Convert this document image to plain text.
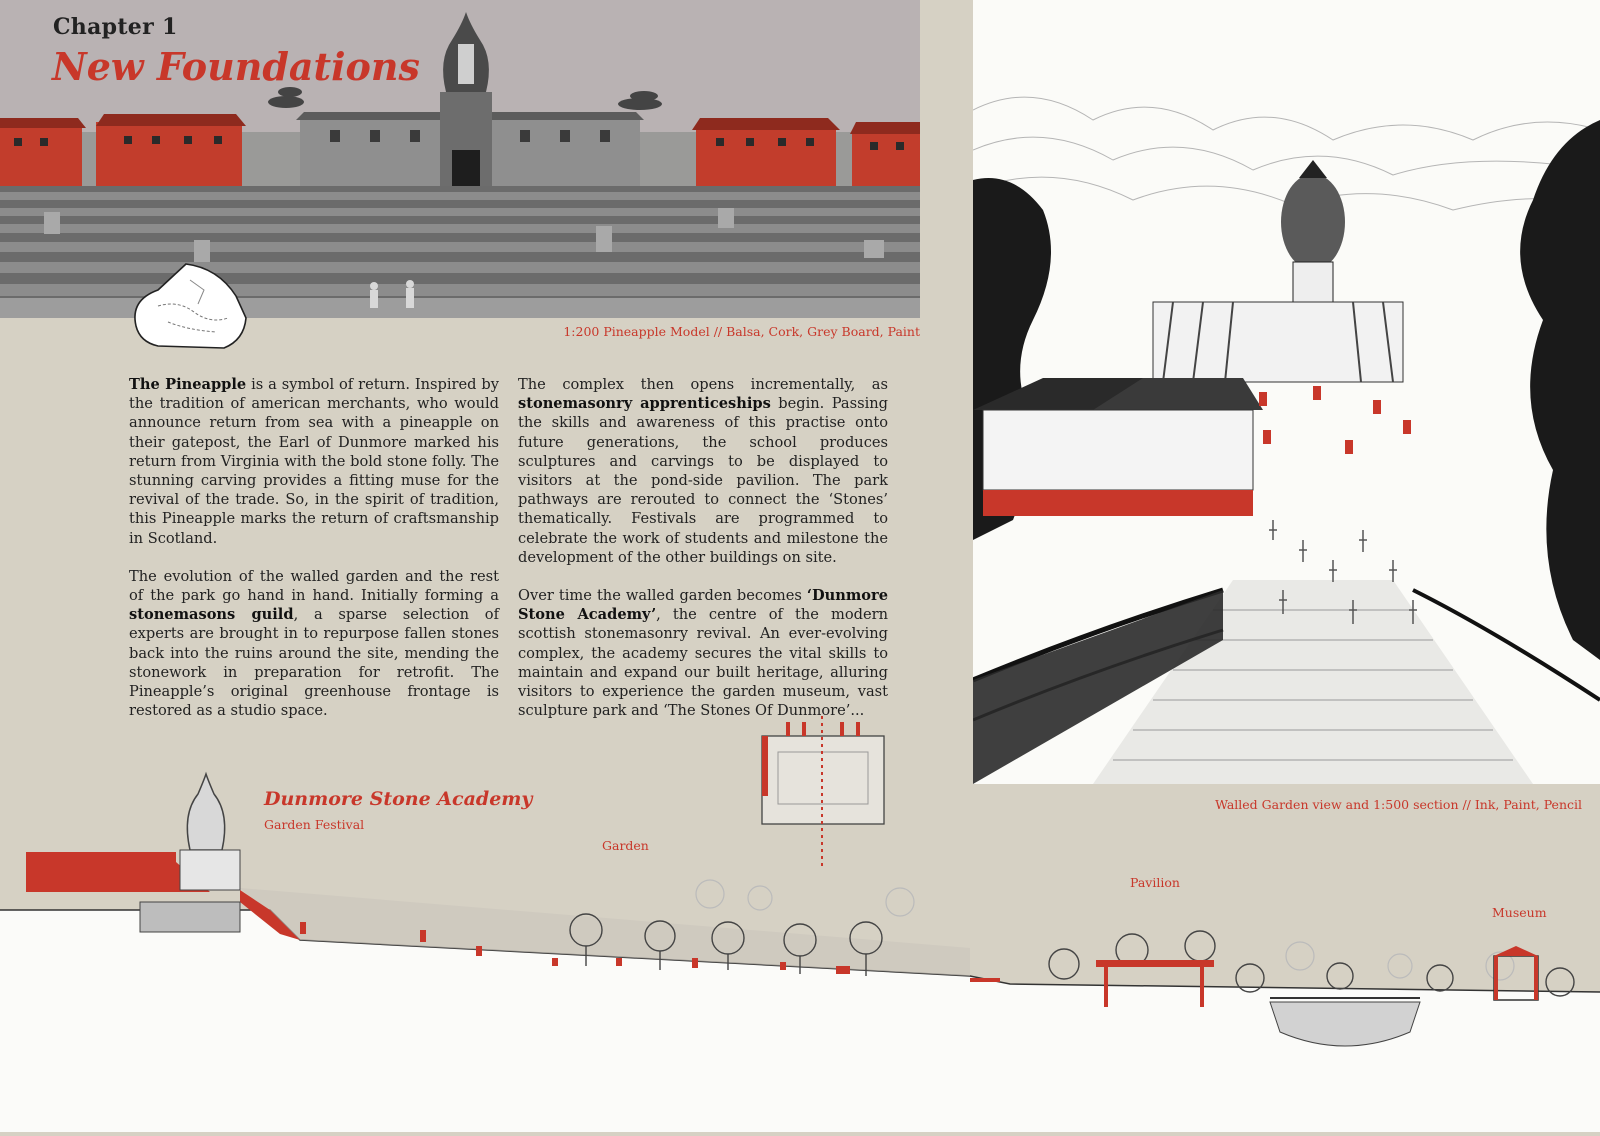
Chapter 1
New Foundations
1:200 Pineapple Model // Balsa, Cork, Grey Board, Paint

The Pineapple is a symbol of return. Inspired by the tradition of american merchants, who would announce return from sea with a pineapple on their gatepost, the Earl of Dunmore marked his return from Virginia with the bold stone folly. The stunning carving provides a fitting muse for the revival of the trade. So, in the spirit of tradition, this Pineapple marks the return of craftsmanship in Scotland.

The evolution of the walled garden and the rest of the park go hand in hand. Initially forming a stonemasons guild, a sparse selection of experts are brought in to repurpose fallen stones back into the ruins around the site, mending the stonework in preparation for retrofit. The Pineapple’s original greenhouse frontage is restored as a studio space.

The complex then opens incrementally, as stonemasonry apprenticeships begin. Passing the skills and awareness of this practise onto future generations, the school produces sculptures and carvings to be displayed to visitors at the pond-side pavilion. The park pathways are rerouted to connect the ‘Stones’ thematically. Festivals are programmed to celebrate the work of students and milestone the development of the other buildings on site.

Over time the walled garden becomes ‘Dunmore Stone Academy’, the centre of the modern scottish stonemasonry revival. An ever-evolving complex, the academy secures the vital skills to maintain and expand our built heritage, alluring visitors to experience the garden museum, vast sculpture park and ‘The Stones Of Dunmore’...

Walled Garden view and 1:500 section // Ink, Paint, Pencil
Dunmore Stone Academy
Garden Festival
Garden
Pavilion
Museum
